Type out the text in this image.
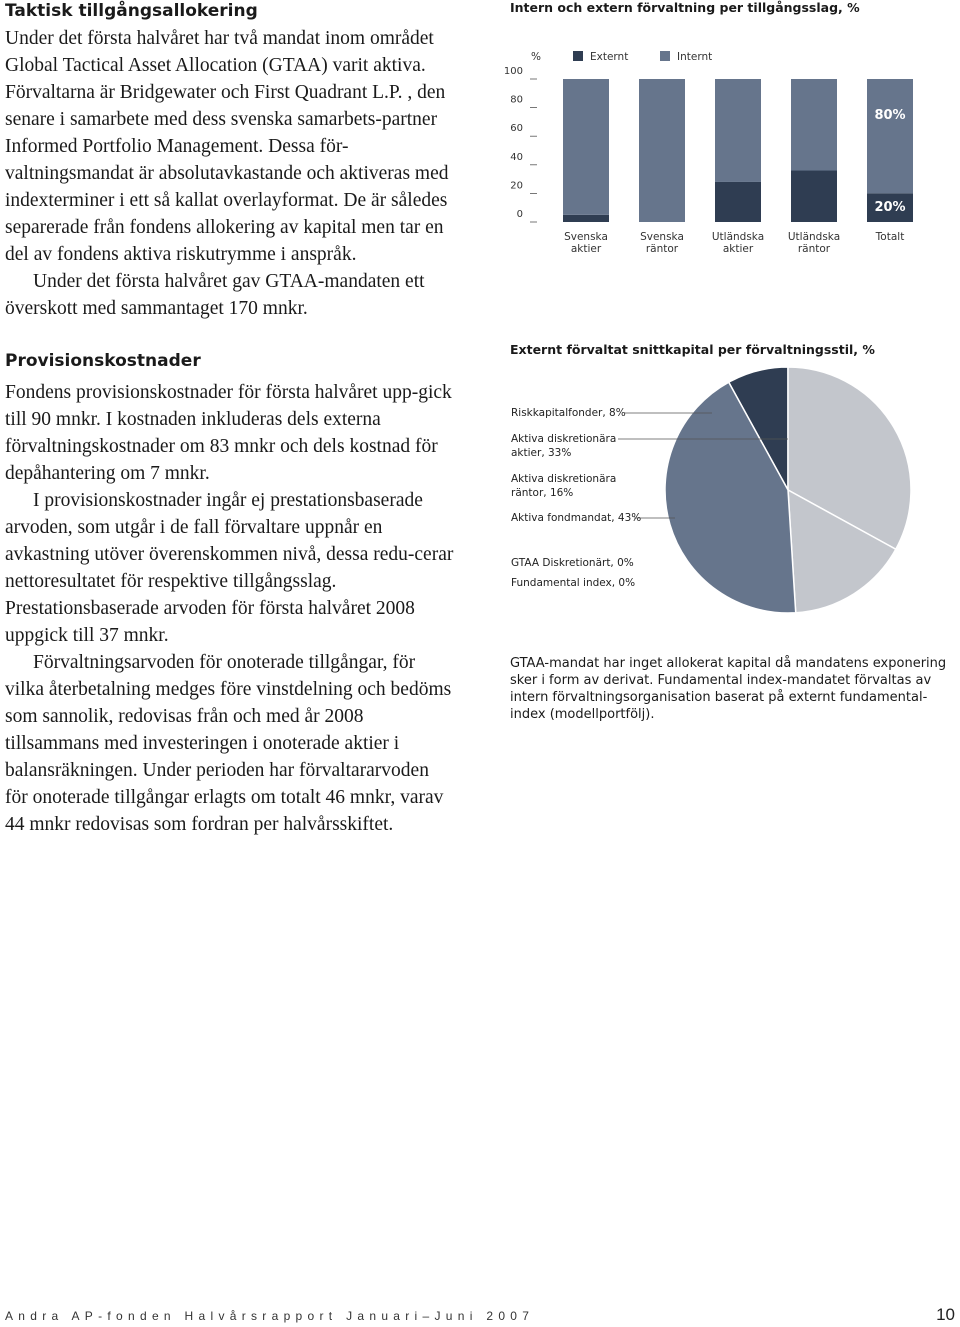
Taktisk tillgångsallokering

Under det första halvåret har två mandat inom området Global Tactical Asset Allocation (GTAA) varit aktiva. Förvaltarna är Bridgewater och First Quadrant L.P. , den senare i samarbete med dess svenska samarbets-partner Informed Portfolio Management. Dessa för-valtningsmandat är absolutavkastande och aktiveras med indexterminer i ett så kallat overlayformat. De är således separerade från fondens allokering av kapital men tar en del av fondens aktiva riskutrymme i anspråk.

Under det första halvåret gav GTAA-mandaten ett överskott med sammantaget 170 mnkr.

Provisionskostnader

Fondens provisionskostnader för första halvåret upp-gick till 90 mnkr. I kostnaden inkluderas dels externa förvaltningskostnader om 83 mnkr och dels kostnad för depåhantering om 7 mnkr.

I provisionskostnader ingår ej prestationsbaserade arvoden, som utgår i de fall förvaltare uppnår en avkastning utöver överenskommen nivå, dessa redu-cerar nettoresultatet för respektive tillgångsslag. Prestationsbaserade arvoden för första halvåret 2008 uppgick till 37 mnkr.

Förvaltningsarvoden för onoterade tillgångar, för vilka återbetalning medges före vinstdelning och bedöms som sannolik, redovisas från och med år 2008 tillsammans med investeringen i onoterade aktier i balansräkningen. Under perioden har förvaltararvoden för onoterade tillgångar erlagts om totalt 46 mnkr, varav 44 mnkr redovisas som fordran per halvårsskiftet.

Intern och extern förvaltning per tillgångsslag, %

0
20
40
60
80
100
%	Externt	Internt
Svenska
aktier
Svenska
räntor
Utländska
aktier
Utländska
räntor
Totalt
80%
20%

Externt förvaltat snittkapital per förvaltningsstil, %

Riskkapitalfonder, 8%
Aktiva diskretionära
aktier, 33%
Aktiva diskretionära
räntor, 16%
Aktiva fondmandat, 43%
GTAA Diskretionärt, 0%
Fundamental index, 0%

GTAA-mandat har inget allokerat kapital då mandatens exponering sker i form av derivat. Fundamental index-mandatet förvaltas av intern förvaltningsorganisation baserat på externt fundamental-index (modellportfölj).

Andra AP-fonden Halvårsrapport Januari–Juni 2007	10
